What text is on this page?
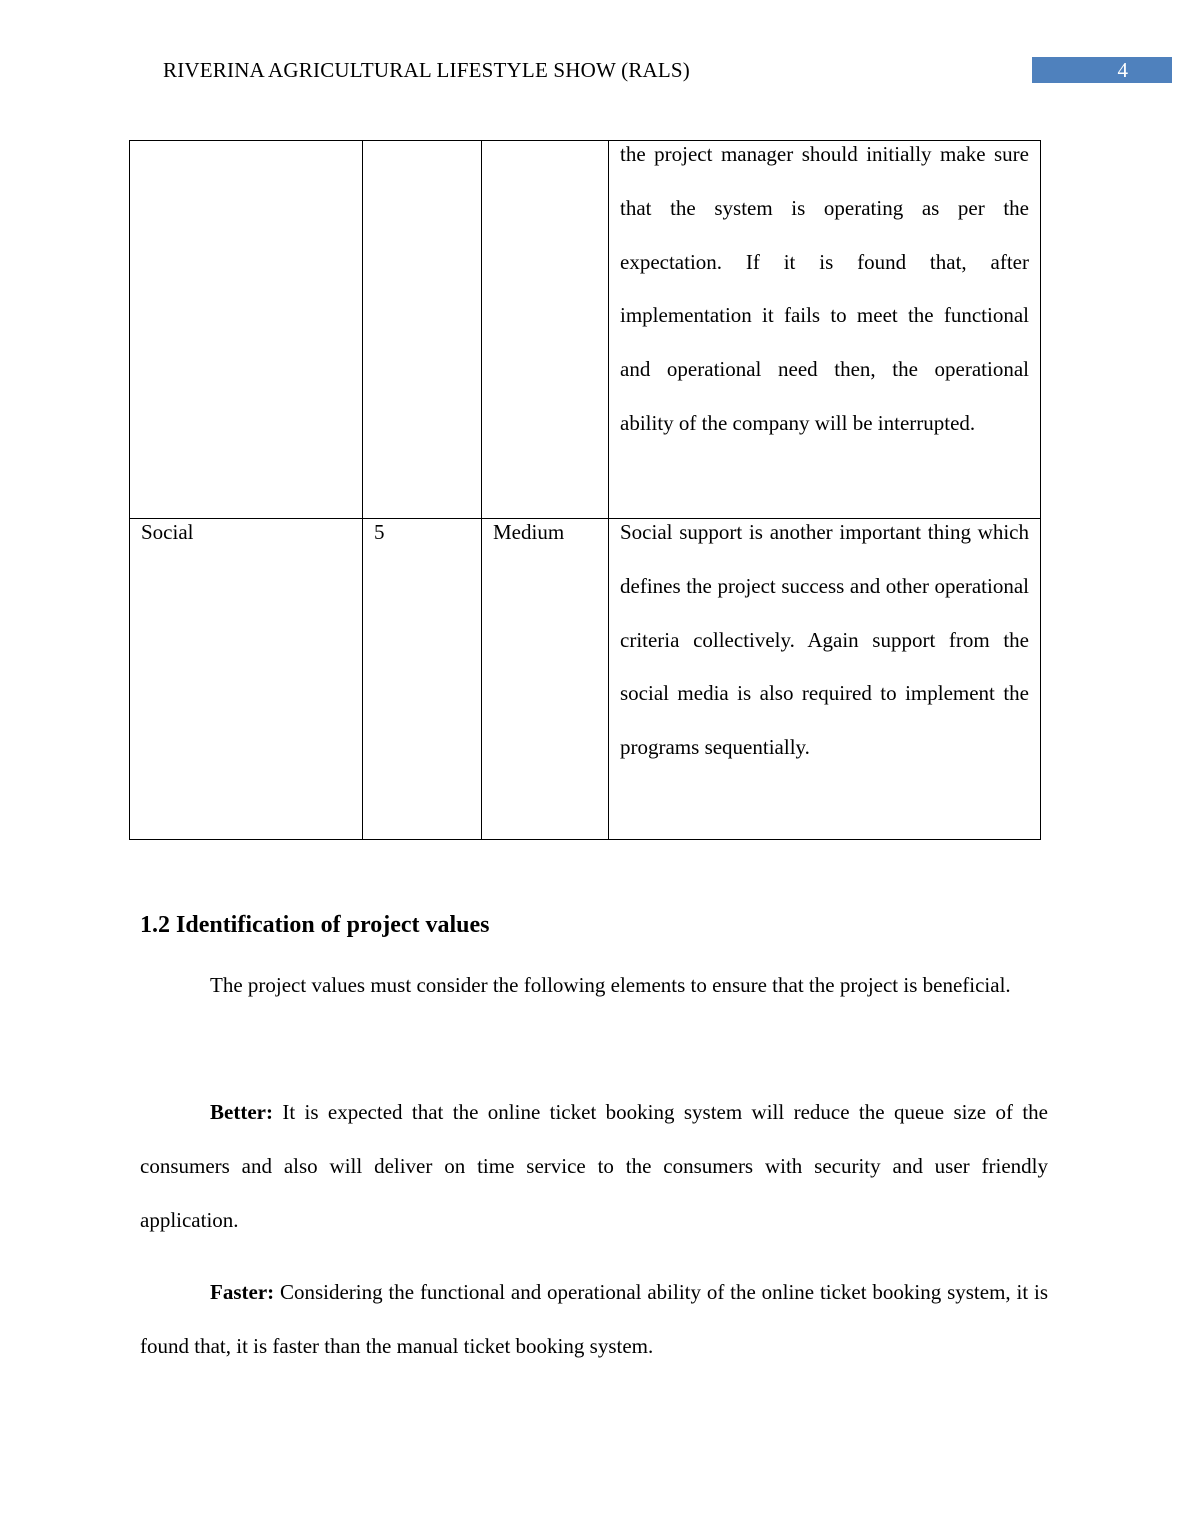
RIVERINA AGRICULTURAL LIFESTYLE SHOW (RALS)	4

			the project manager should initially make sure that the system is operating as per the expectation. If it is found that, after implementation it fails to meet the functional and operational need then, the operational ability of the company will be interrupted.

Social	5	Medium	Social support is another important thing which defines the project success and other operational criteria collectively. Again support from the social media is also required to implement the programs sequentially.
1.2 Identification of project values

The project values must consider the following elements to ensure that the project is beneficial.

Better: It is expected that the online ticket booking system will reduce the queue size of the consumers and also will deliver on time service to the consumers with security and user friendly application.

Faster: Considering the functional and operational ability of the online ticket booking system, it is found that, it is faster than the manual ticket booking system.
